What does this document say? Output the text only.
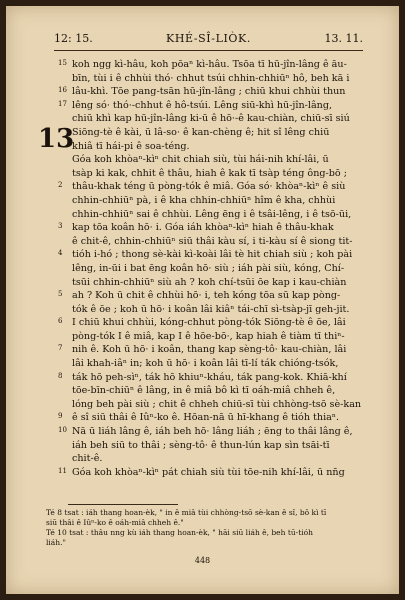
12: 15.	KHÉ-SÎ-LIÒK.	13. 11.
15 koh ngg kì-hâu, koh pōaⁿ kì-hâu. Tsōa tī hū-jîn-lâng ê āu-
bīn, tùi i ê chhùi thó· chhut tsúi chhin-chhiūⁿ hô, beh kā i
16 lâu-khì. Tōe pang-tsān hū-jîn-lâng ; chiū khui chhùi thun
17 lêng só· thó·-chhut ê hô-tsúi. Lêng siū-khì hū-jîn-lâng,
chiū khì kap hū-jîn-lâng ki-ū ê hō·-ê kau-chiàn, chiū-sī siú
Siōng-tè ê kài, ū lâ-so· ê kan-chèng ê; hit sî lêng chiū
13
khiâ tī hái-pi ê soa-téng.
Góa koh khòaⁿ-kìⁿ chit chiah siù, tùi hái-nih khí-lâi, ū
tsàp ki kak, chhit ê thâu, hiah ê kak tī tsàp téng ông-bō ;
2 thâu-khak téng ū pòng-tók ê miâ. Góa só· khòaⁿ-kìⁿ ê siù
chhin-chhiūⁿ pà, i ê kha chhin-chhiūⁿ hîm ê kha, chhùi
chhin-chhiūⁿ sai ê chhùi. Lêng ēng i ê tsâi-lêng, i ê tsō-ūi,
3 kap tōa koân hō· i. Góa iáh khòaⁿ-kìⁿ hiah ê thâu-khak
ê chit-ê, chhin-chhiūⁿ siū thâi kàu sí, i ti-kàu sí ê siong tit-
4 tióh i-hó ; thong sè-kài kì-koài lâi tè hit chiah siù ; koh pài
lêng, in-ūi i bat ēng koân hō· siù ; iáh pài siù, kóng, Chí-
tsūi chhin-chhiūⁿ siù ah ? koh chí-tsūi ōe kap i kau-chiàn
5 ah ? Koh ū chit ê chhùi hō· i, teh kóng tōa sū kap pòng-
tók ê ōe ; koh ū hō· i koân lâi kiâⁿ tái-chī sì-tsàp-jī geh-jit.
6 I chiū khui chhùi, kóng-chhut pòng-tók Siōng-tè ê ōe, lâi
pòng-tók I ê miâ, kap I ê hōe-bō·, kap hiah ê tiàm tī thiⁿ-
7 nih ê. Koh ū hō· i koân, thang kap sèng-tô· kau-chiàn, lâi
lâi khah-iâⁿ in; koh ū hō· i koân lâi tī-lí ták chióng-tsók,
8 ták hō peh-sìⁿ, ták hō khiuⁿ-kháu, ták pang-kok. Khiā-khí
tōe-bīn-chiūⁿ ê lâng, in ê miâ bô kì tī oáh-miâ chheh ê,
lóng beh pài siù ; chit ê chheh chiū-sī tùi chhòng-tsō sè-kan
9 ê sî siū thâi ê Iûⁿ-ko ê. Hōan-nā ū hī-khang ê tióh thiaⁿ.
10 Nā ū liáh lâng ê, iáh beh hō· lâng liáh ; ēng to thâi lâng ê,
iáh beh siū to thâi ; sèng-tô· ê thun-lún kap sìn tsāi-tī
chit-ê.
11 Góa koh khòaⁿ-kìⁿ pát chiah siù tùi tōe-nih khí-lâi, ū nn̄g
Té 8 tsat : iáh thang hoan-èk, " in ê miâ tùi chhòng-tsō sè-kan ê sî, bô kì tī
siū thâi ê Iûⁿ-ko ê oáh-miâ chheh ê."
Té 10 tsat : thâu nng kù iáh thang hoan-èk, " hāi siū liáh ê, beh tū-tióh
liáh."
448
